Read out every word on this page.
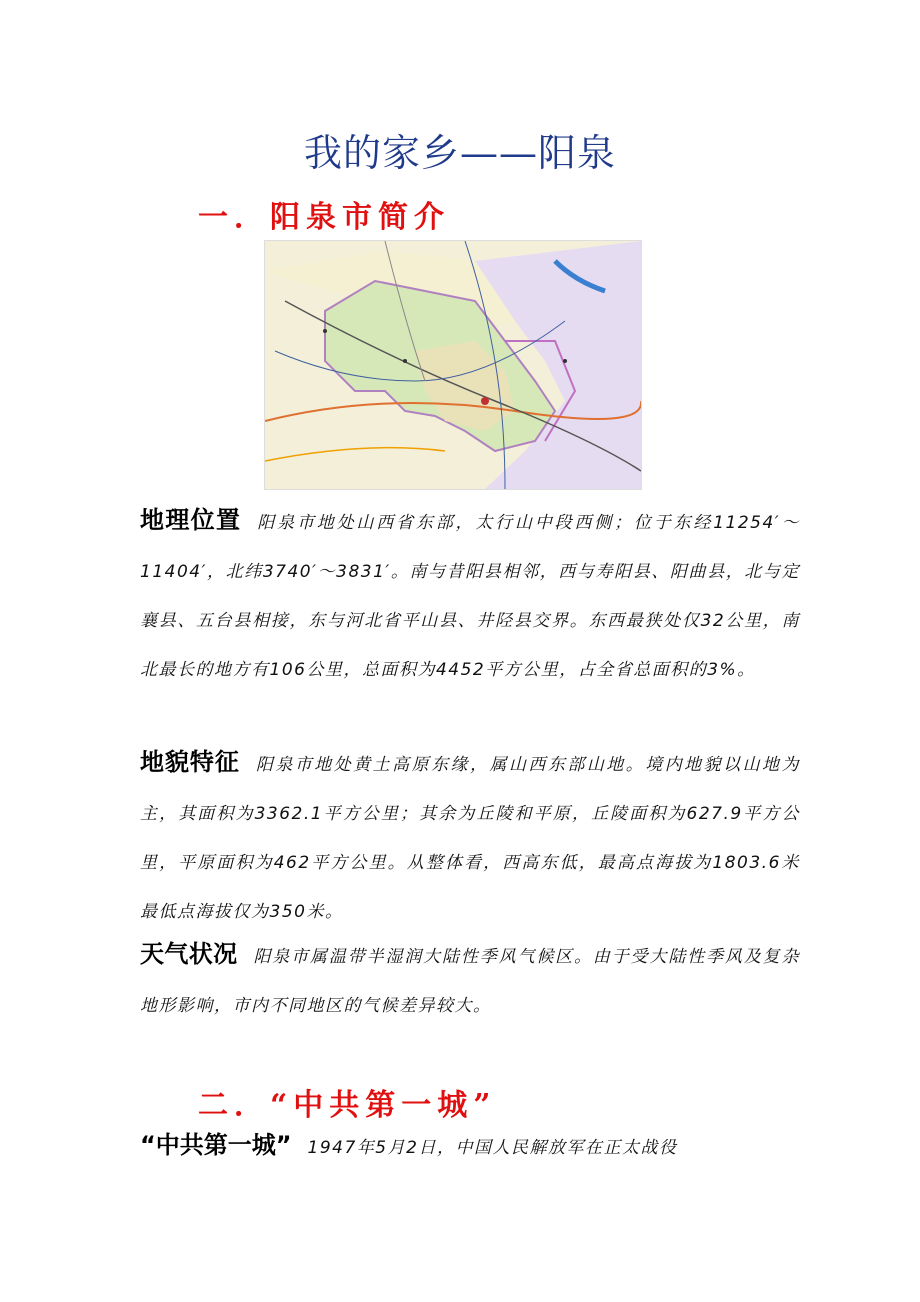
我的家乡——阳泉
一．阳泉市简介
地理位置 阳泉市地处山西省东部，太行山中段西侧；位于东经11254′～11404′，北纬3740′～3831′。南与昔阳县相邻，西与寿阳县、阳曲县，北与定襄县、五台县相接，东与河北省平山县、井陉县交界。东西最狭处仅32公里，南北最长的地方有106公里，总面积为4452平方公里，占全省总面积的3%。
地貌特征 阳泉市地处黄土高原东缘，属山西东部山地。境内地貌以山地为主，其面积为3362.1平方公里；其余为丘陵和平原，丘陵面积为627.9平方公里，平原面积为462平方公里。从整体看，西高东低，最高点海拔为1803.6米最低点海拔仅为350米。
天气状况 阳泉市属温带半湿润大陆性季风气候区。由于受大陆性季风及复杂地形影响，市内不同地区的气候差异较大。
二．“中共第一城”
“中共第一城” 1947年5月2日，中国人民解放军在正太战役
